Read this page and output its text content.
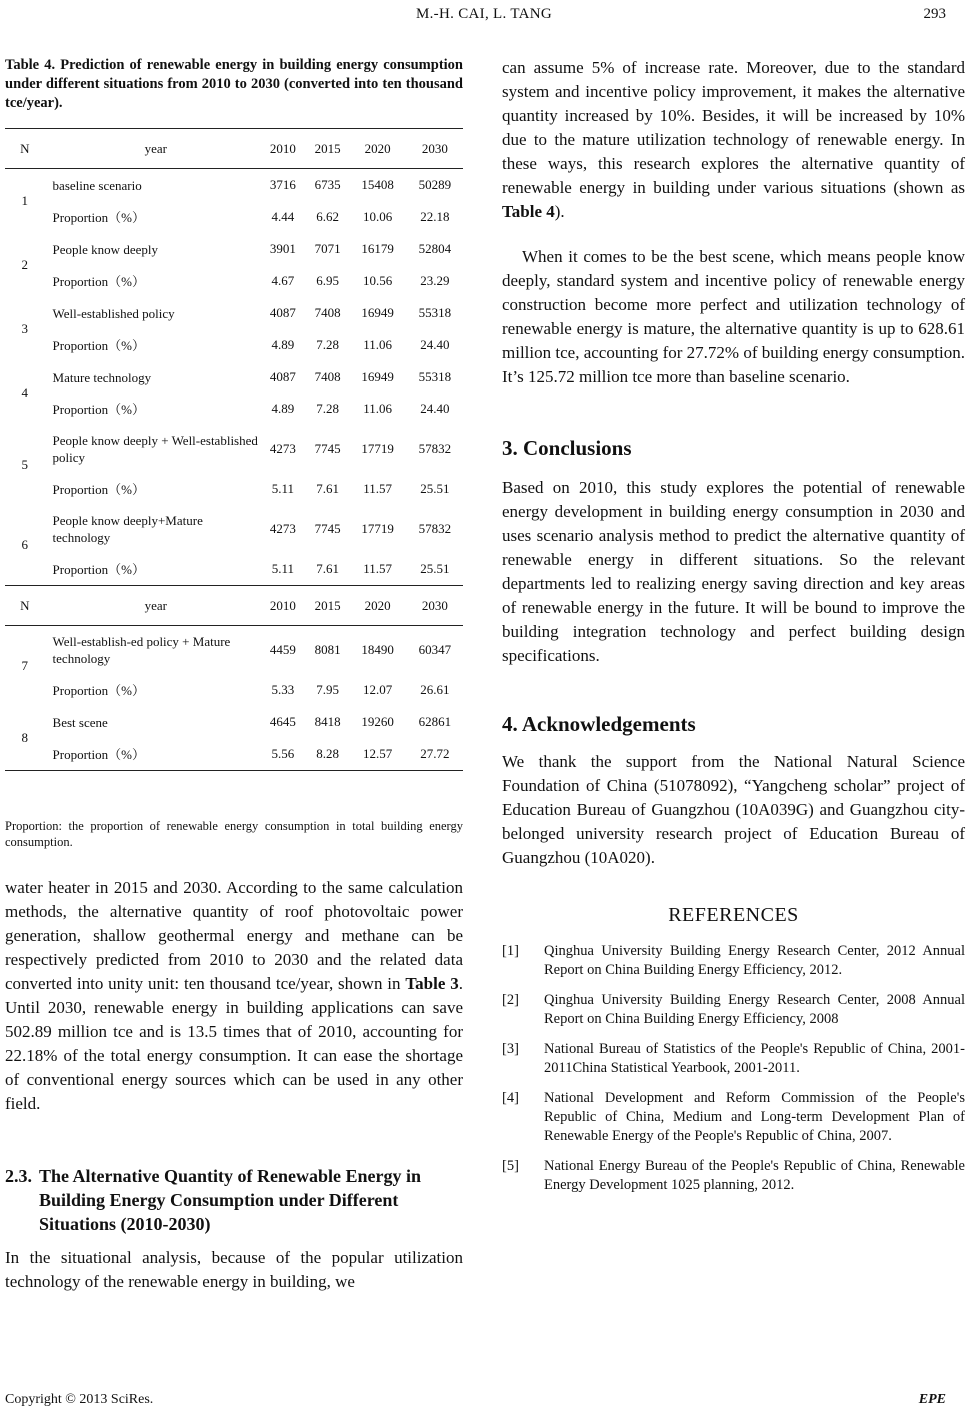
M.-H. CAI, L. TANG	293
Table 4. Prediction of renewable energy in building energy consumption under different situations from 2010 to 2030 (converted into ten thousand tce/year).
N	year	2010	2015	2020	2030
1	baseline scenario	3716	6735	15408	50289
	Proportion（%）	4.44	6.62	10.06	22.18
2	People know deeply	3901	7071	16179	52804
	Proportion（%）	4.67	6.95	10.56	23.29
3	Well-established policy	4087	7408	16949	55318
	Proportion（%）	4.89	7.28	11.06	24.40
4	Mature technology	4087	7408	16949	55318
	Proportion（%）	4.89	7.28	11.06	24.40
5	People know deeply + Well-established policy	4273	7745	17719	57832
	Proportion（%）	5.11	7.61	11.57	25.51
6	People know deeply+Mature technology	4273	7745	17719	57832
	Proportion（%）	5.11	7.61	11.57	25.51
N	year	2010	2015	2020	2030
7	Well-establish-ed policy + Mature technology	4459	8081	18490	60347
	Proportion（%）	5.33	7.95	12.07	26.61
8	Best scene	4645	8418	19260	62861
	Proportion（%）	5.56	8.28	12.57	27.72
Proportion: the proportion of renewable energy consumption in total building energy consumption.
water heater in 2015 and 2030. According to the same calculation methods, the alternative quantity of roof photovoltaic power generation, shallow geothermal energy and methane can be respectively predicted from 2010 to 2030 and the related data converted into unity unit: ten thousand tce/year, shown in Table 3. Until 2030, renewable energy in building applications can save 502.89 million tce and is 13.5 times that of 2010, accounting for 22.18% of the total energy consumption. It can ease the shortage of conventional energy sources which can be used in any other field.
2.3. The Alternative Quantity of Renewable Energy in Building Energy Consumption under Different Situations (2010-2030)
In the situational analysis, because of the popular utilization technology of the renewable energy in building, we
can assume 5% of increase rate. Moreover, due to the standard system and incentive policy improvement, it makes the alternative quantity increased by 10%. Besides, it will be increased by 10% due to the mature utilization technology of renewable energy. In these ways, this research explores the alternative quantity of renewable energy in building under various situations (shown as Table 4).
When it comes to be the best scene, which means people know deeply, standard system and incentive policy of renewable energy construction become more perfect and utilization technology of renewable energy is mature, the alternative quantity is up to 628.61 million tce, accounting for 27.72% of building energy consumption. It’s 125.72 million tce more than baseline scenario.
3. Conclusions
Based on 2010, this study explores the potential of renewable energy development in building energy consumption in 2030 and uses scenario analysis method to predict the alternative quantity of renewable energy in different situations. So the relevant departments led to realizing energy saving direction and key areas of renewable energy in the future. It will be bound to improve the building integration technology and perfect building design specifications.
4. Acknowledgements
We thank the support from the National Natural Science Foundation of China (51078092), “Yangcheng scholar” project of Education Bureau of Guangzhou (10A039G) and Guangzhou city-belonged university research project of Education Bureau of Guangzhou (10A020).
REFERENCES
[1]	Qinghua University Building Energy Research Center, 2012 Annual Report on China Building Energy Efficiency, 2012.
[2]	Qinghua University Building Energy Research Center, 2008 Annual Report on China Building Energy Efficiency, 2008
[3]	National Bureau of Statistics of the People's Republic of China, 2001-2011China Statistical Yearbook, 2001-2011.
[4]	National Development and Reform Commission of the People's Republic of China, Medium and Long-term Development Plan of Renewable Energy of the People's Republic of China, 2007.
[5]	National Energy Bureau of the People's Republic of China, Renewable Energy Development 1025 planning, 2012.
Copyright © 2013 SciRes.	EPE
